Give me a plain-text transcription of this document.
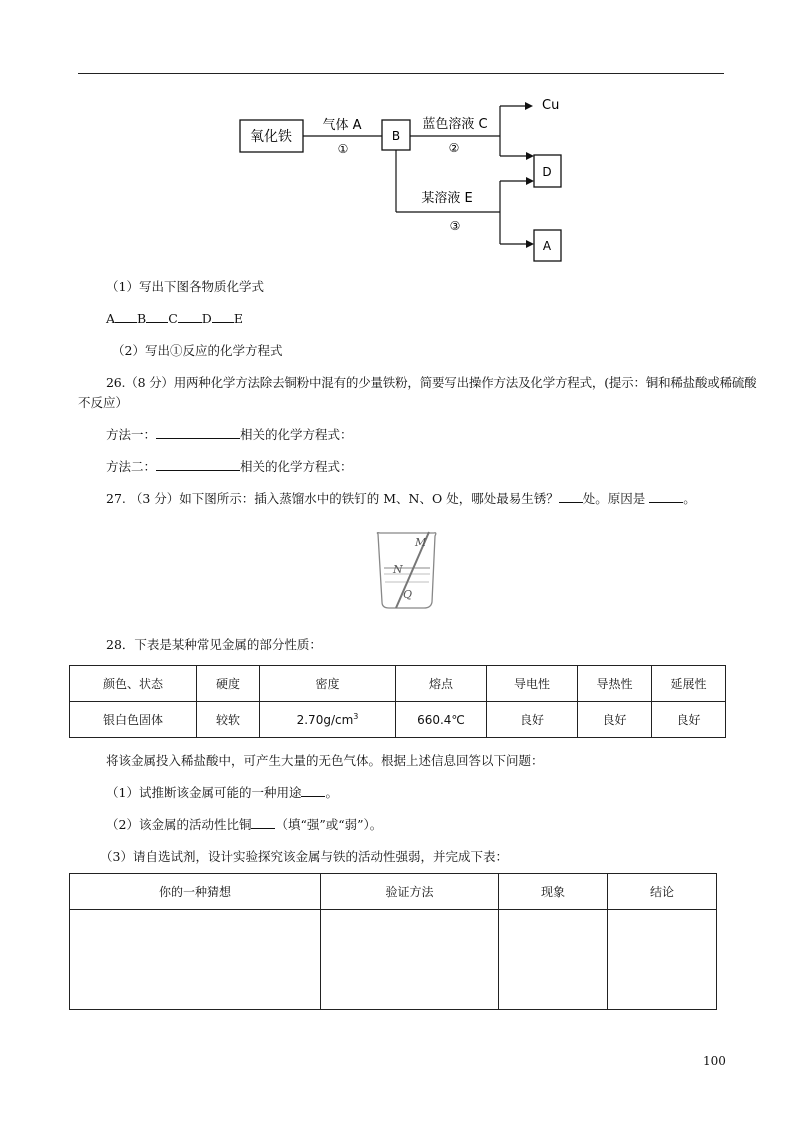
氧化铁
气体 A
①
B
蓝色溶液 C
②
Cu
D
某溶液 E
③
A
（1）写出下图各物质化学式
A B C D E
（2）写出①反应的化学方程式
26.（8 分）用两种化学方法除去铜粉中混有的少量铁粉，简要写出操作方法及化学方程式，(提示：铜和稀盐酸或稀硫酸
不反应）
方法一：	相关的化学方程式：
方法二：	相关的化学方程式：
27. （3 分）如下图所示：插入蒸馏水中的铁钉的 M、N、O 处，哪处最易生锈？ 处。原因是	。
M
N
Q
28．下表是某种常见金属的部分性质：
颜色、状态	硬度	密度	熔点	导电性	导热性	延展性
银白色固体	较软	$2.70g/cm^3$	660.4℃	良好	良好	良好
将该金属投入稀盐酸中，可产生大量的无色气体。根据上述信息回答以下问题：
（1）试推断该金属可能的一种用途 。
（2）该金属的活动性比铜 （填“强”或“弱”）。
（3）请自选试剂，设计实验探究该金属与铁的活动性强弱，并完成下表：
你的一种猜想	验证方法	现象	结论

100
